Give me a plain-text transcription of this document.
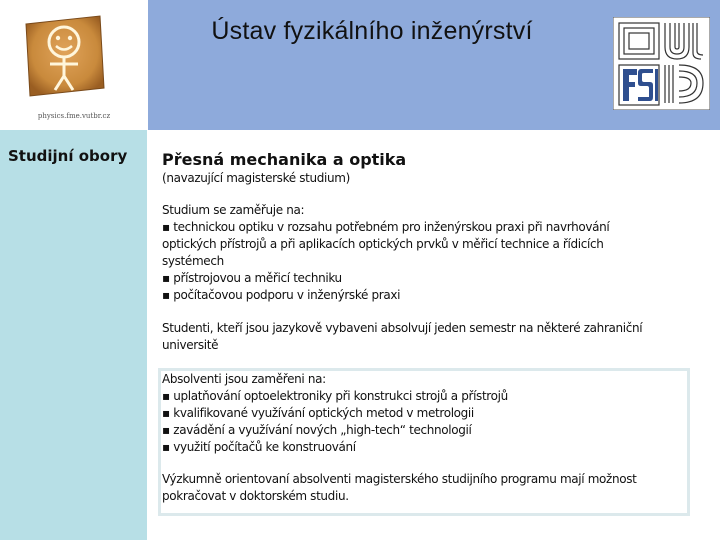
physics.fme.vutbr.cz
Ústav fyzikálního inženýrství
Studijní obory Přesná mechanika a optika
(navazující magisterské studium)
Studium se zaměřuje na:
▪ technickou optiku v rozsahu potřebném pro inženýrskou praxi při navrhování
optických přístrojů a při aplikacích optických prvků v měřicí technice a řídicích
systémech
▪ přístrojovou a měřicí techniku
▪ počítačovou podporu v inženýrské praxi
Studenti, kteří jsou jazykově vybaveni absolvují jeden semestr na některé zahraniční
universitě
Absolventi jsou zaměřeni na:
▪ uplatňování optoelektroniky při konstrukci strojů a přístrojů
▪ kvalifikované využívání optických metod v metrologii
▪ zavádění a využívání nových „high-tech“ technologií
▪ využití počítačů ke konstruování
Výzkumně orientovaní absolventi magisterského studijního programu mají možnost
pokračovat v doktorském studiu.
